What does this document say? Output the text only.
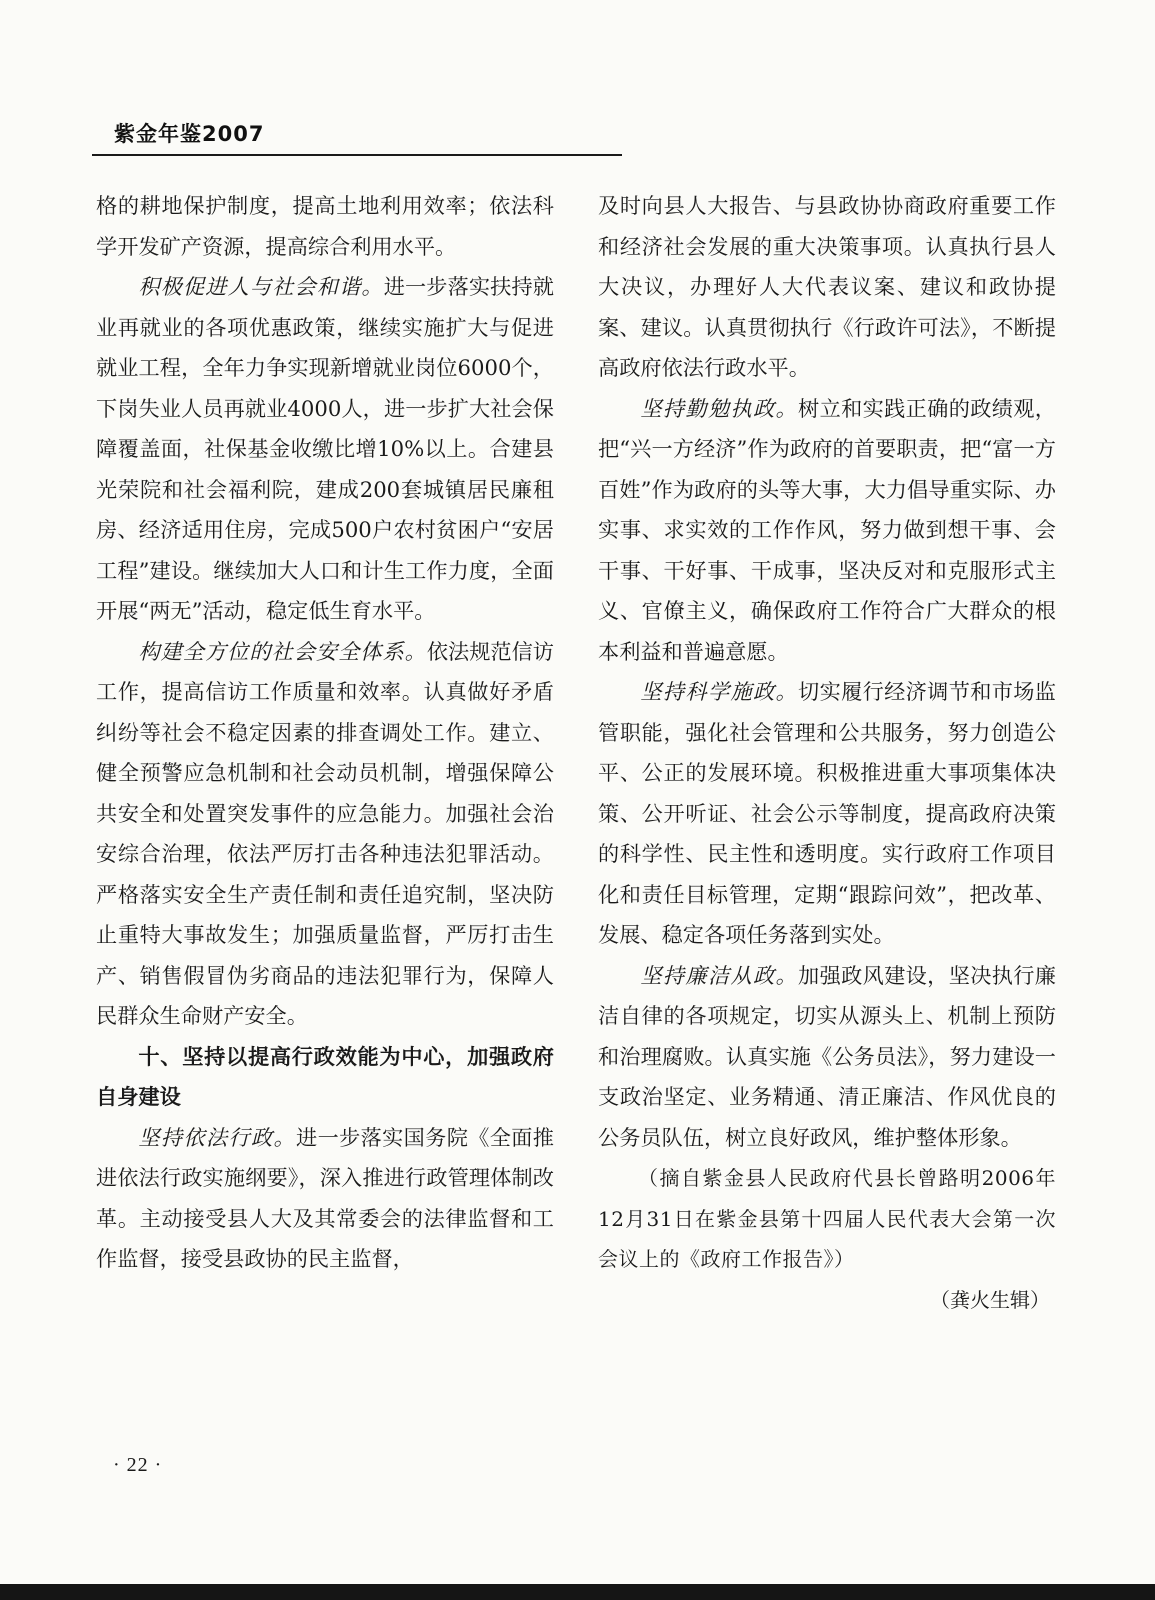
紫金年鉴2007

格的耕地保护制度，提高土地利用效率；依法科学开发矿产资源，提高综合利用水平。

积极促进人与社会和谐。进一步落实扶持就业再就业的各项优惠政策，继续实施扩大与促进就业工程，全年力争实现新增就业岗位6000个，下岗失业人员再就业4000人，进一步扩大社会保障覆盖面，社保基金收缴比增10%以上。合建县光荣院和社会福利院，建成200套城镇居民廉租房、经济适用住房，完成500户农村贫困户“安居工程”建设。继续加大人口和计生工作力度，全面开展“两无”活动，稳定低生育水平。

构建全方位的社会安全体系。依法规范信访工作，提高信访工作质量和效率。认真做好矛盾纠纷等社会不稳定因素的排查调处工作。建立、健全预警应急机制和社会动员机制，增强保障公共安全和处置突发事件的应急能力。加强社会治安综合治理，依法严厉打击各种违法犯罪活动。严格落实安全生产责任制和责任追究制，坚决防止重特大事故发生；加强质量监督，严厉打击生产、销售假冒伪劣商品的违法犯罪行为，保障人民群众生命财产安全。

十、坚持以提高行政效能为中心，加强政府自身建设

坚持依法行政。进一步落实国务院《全面推进依法行政实施纲要》，深入推进行政管理体制改革。主动接受县人大及其常委会的法律监督和工作监督，接受县政协的民主监督，

及时向县人大报告、与县政协协商政府重要工作和经济社会发展的重大决策事项。认真执行县人大决议，办理好人大代表议案、建议和政协提案、建议。认真贯彻执行《行政许可法》，不断提高政府依法行政水平。

坚持勤勉执政。树立和实践正确的政绩观，把“兴一方经济”作为政府的首要职责，把“富一方百姓”作为政府的头等大事，大力倡导重实际、办实事、求实效的工作作风，努力做到想干事、会干事、干好事、干成事，坚决反对和克服形式主义、官僚主义，确保政府工作符合广大群众的根本利益和普遍意愿。

坚持科学施政。切实履行经济调节和市场监管职能，强化社会管理和公共服务，努力创造公平、公正的发展环境。积极推进重大事项集体决策、公开听证、社会公示等制度，提高政府决策的科学性、民主性和透明度。实行政府工作项目化和责任目标管理，定期“跟踪问效”，把改革、发展、稳定各项任务落到实处。

坚持廉洁从政。加强政风建设，坚决执行廉洁自律的各项规定，切实从源头上、机制上预防和治理腐败。认真实施《公务员法》，努力建设一支政治坚定、业务精通、清正廉洁、作风优良的公务员队伍，树立良好政风，维护整体形象。

（摘自紫金县人民政府代县长曾路明2006年12月31日在紫金县第十四届人民代表大会第一次会议上的《政府工作报告》）

（龚火生辑）

· 22 ·
